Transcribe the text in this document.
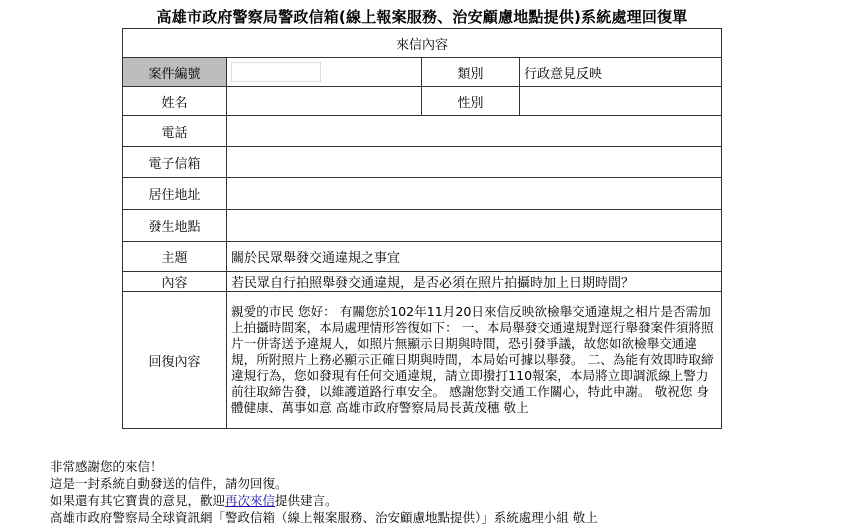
高雄市政府警察局警政信箱(線上報案服務、治安顧慮地點提供)系統處理回復單
來信內容			
案件編號		類別	行政意見反映
姓名		性別	
電話			
電子信箱			
居住地址			
發生地點			
主題	關於民眾舉發交通違規之事宜		
內容	若民眾自行拍照舉發交通違規，是否必須在照片拍攝時加上日期時間？		
回復內容	親愛的市民 您好： 有關您於102年11月20日來信反映欲檢舉交通違規之相片是否需加上拍攝時間案，本局處理情形答復如下： 一、本局舉發交通違規對逕行舉發案件須將照片一併寄送予違規人，如照片無顯示日期與時間，恐引發爭議，故您如欲檢舉交通違規，所附照片上務必顯示正確日期與時間，本局始可據以舉發。 二、為能有效即時取締違規行為，您如發現有任何交通違規，請立即撥打110報案，本局將立即調派線上警力前往取締告發，以維護道路行車安全。 感謝您對交通工作關心，特此申謝。 敬祝您 身體健康、萬事如意 高雄市政府警察局局長黃茂穗 敬上		
非常感謝您的來信！
這是一封系統自動發送的信件，請勿回復。
如果還有其它寶貴的意見，歡迎再次來信提供建言。
高雄市政府警察局全球資訊網「警政信箱（線上報案服務、治安顧慮地點提供）」系統處理小組 敬上
